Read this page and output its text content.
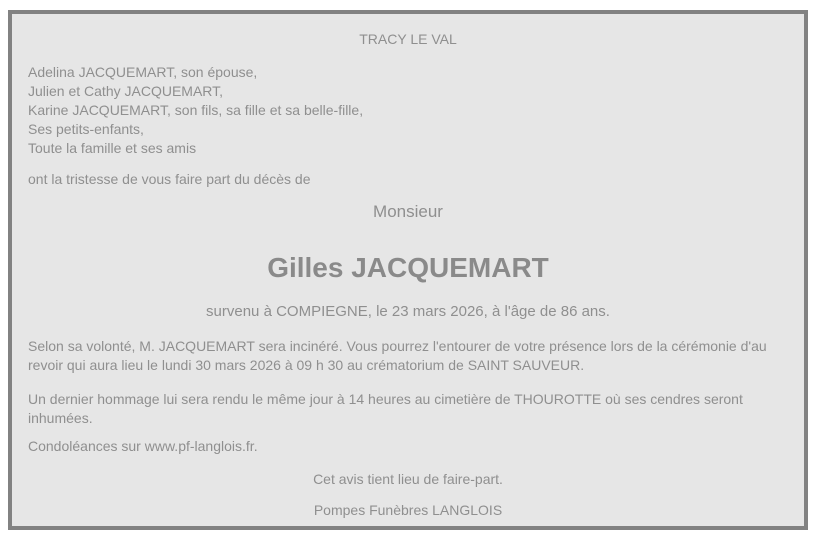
TRACY LE VAL
Adelina JACQUEMART, son épouse,
Julien et Cathy JACQUEMART,
Karine JACQUEMART, son fils, sa fille et sa belle-fille,
Ses petits-enfants,
Toute la famille et ses amis

ont la tristesse de vous faire part du décès de

Monsieur
Gilles JACQUEMART
survenu à COMPIEGNE, le 23 mars 2026, à l'âge de 86 ans.

Selon sa volonté, M. JACQUEMART sera incinéré. Vous pourrez l'entourer de votre présence lors de la cérémonie d'au revoir qui aura lieu le lundi 30 mars 2026 à 09 h 30 au crématorium de SAINT SAUVEUR.

Un dernier hommage lui sera rendu le même jour à 14 heures au cimetière de THOUROTTE où ses cendres seront inhumées.

Condoléances sur www.pf-langlois.fr.

Cet avis tient lieu de faire-part.
Pompes Funèbres LANGLOIS
